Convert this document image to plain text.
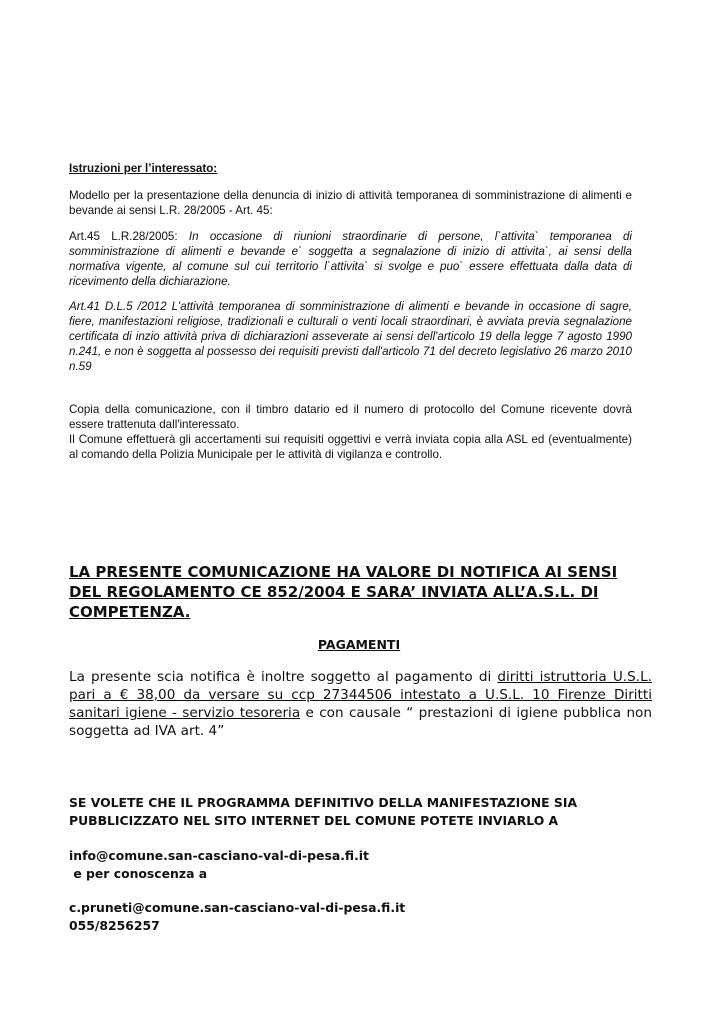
Istruzioni per l’interessato:
Modello per la presentazione della denuncia di inizio di attività temporanea di somministrazione di alimenti e bevande ai sensi L.R. 28/2005 - Art. 45:
Art.45 L.R.28/2005: In occasione di riunioni straordinarie di persone, l`attivita` temporanea di somministrazione di alimenti e bevande e` soggetta a segnalazione di inizio di attivita`, ai sensi della normativa vigente, al comune sul cui territorio l`attivita` si svolge e puo` essere effettuata dalla data di ricevimento della dichiarazione.
Art.41 D.L.5 /2012 L'attività temporanea di somministrazione di alimenti e bevande in occasione di sagre, fiere, manifestazioni religiose, tradizionali e culturali o venti locali straordinari, è avviata previa segnalazione certificata di inzio attività priva di dichiarazioni asseverate ai sensi dell'articolo 19 della legge 7 agosto 1990 n.241, e non è soggetta al possesso dei requisiti previsti dall'articolo 71 del decreto legislativo 26 marzo 2010 n.59
Copia della comunicazione, con il timbro datario ed il numero di protocollo del Comune ricevente dovrà essere trattenuta dall'interessato.
Il Comune effettuerà gli accertamenti sui requisiti oggettivi e verrà inviata copia alla ASL ed (eventualmente) al comando della Polizia Municipale per le attività di vigilanza e controllo.
LA PRESENTE COMUNICAZIONE HA VALORE DI NOTIFICA AI SENSI DEL REGOLAMENTO CE 852/2004 E SARA’ INVIATA ALL’A.S.L. DI COMPETENZA.
PAGAMENTI
La presente scia notifica è inoltre soggetto al pagamento di diritti istruttoria U.S.L. pari a € 38,00 da versare su ccp 27344506 intestato a U.S.L. 10 Firenze Diritti sanitari igiene - servizio tesoreria e con causale “ prestazioni di igiene pubblica non soggetta ad IVA art. 4”
SE VOLETE CHE IL PROGRAMMA DEFINITIVO DELLA MANIFESTAZIONE SIA PUBBLICIZZATO NEL SITO INTERNET DEL COMUNE POTETE INVIARLO A
info@comune.san-casciano-val-di-pesa.fi.it
e per conoscenza a
c.pruneti@comune.san-casciano-val-di-pesa.fi.it
055/8256257
